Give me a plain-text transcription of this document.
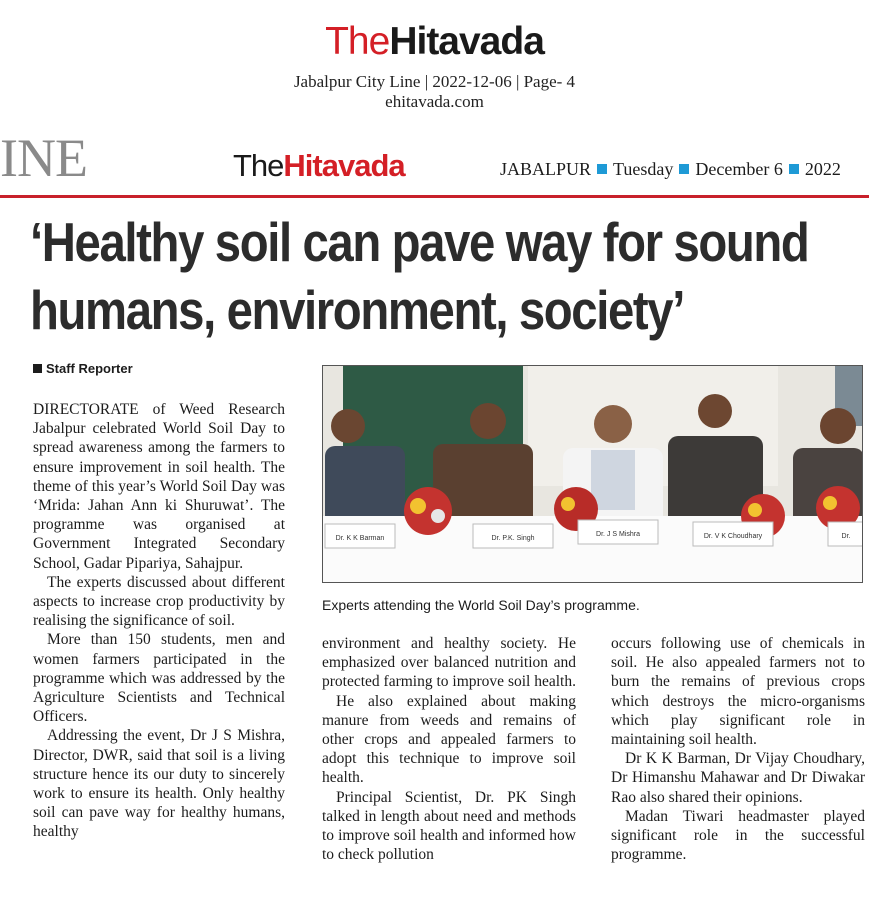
TheHitavada
Jabalpur City Line | 2022-12-06 | Page- 4
ehitavada.com
INE	TheHitavada	JABALPUR Tuesday December 6 2022
‘Healthy soil can pave way for sound humans, environment, society’
Staff Reporter
Dr. K K Barman	Dr. P.K. Singh
Dr. J S Mishra	Dr. V K Choudhary	Dr.
Experts attending the World Soil Day’s programme.

DIRECTORATE of Weed Research Jabalpur celebrated World Soil Day to spread awareness among the farmers to ensure improvement in soil health. The theme of this year’s World Soil Day was ‘Mrida: Jahan Ann ki Shuruwat’. The programme was organised at Government Integrated Secondary School, Gadar Pipariya, Sahajpur.

The experts discussed about different aspects to increase crop productivity by realising the significance of soil.

More than 150 students, men and women farmers participated in the programme which was addressed by the Agriculture Scientists and Technical Officers.

Addressing the event, Dr J S Mishra, Director, DWR, said that soil is a living structure hence its our duty to sincerely work to ensure its health. Only healthy soil can pave way for healthy humans, healthy

environment and healthy society. He emphasized over balanced nutrition and protected farming to improve soil health.

He also explained about making manure from weeds and remains of other crops and appealed farmers to adopt this technique to improve soil health.

Principal Scientist, Dr. PK Singh talked in length about need and methods to improve soil health and informed how to check pollution

occurs following use of chemicals in soil. He also appealed farmers not to burn the remains of previous crops which destroys the micro-organisms which play significant role in maintaining soil health.

Dr K K Barman, Dr Vijay Choudhary, Dr Himanshu Mahawar and Dr Diwakar Rao also shared their opinions.

Madan Tiwari headmaster played significant role in the successful programme.
